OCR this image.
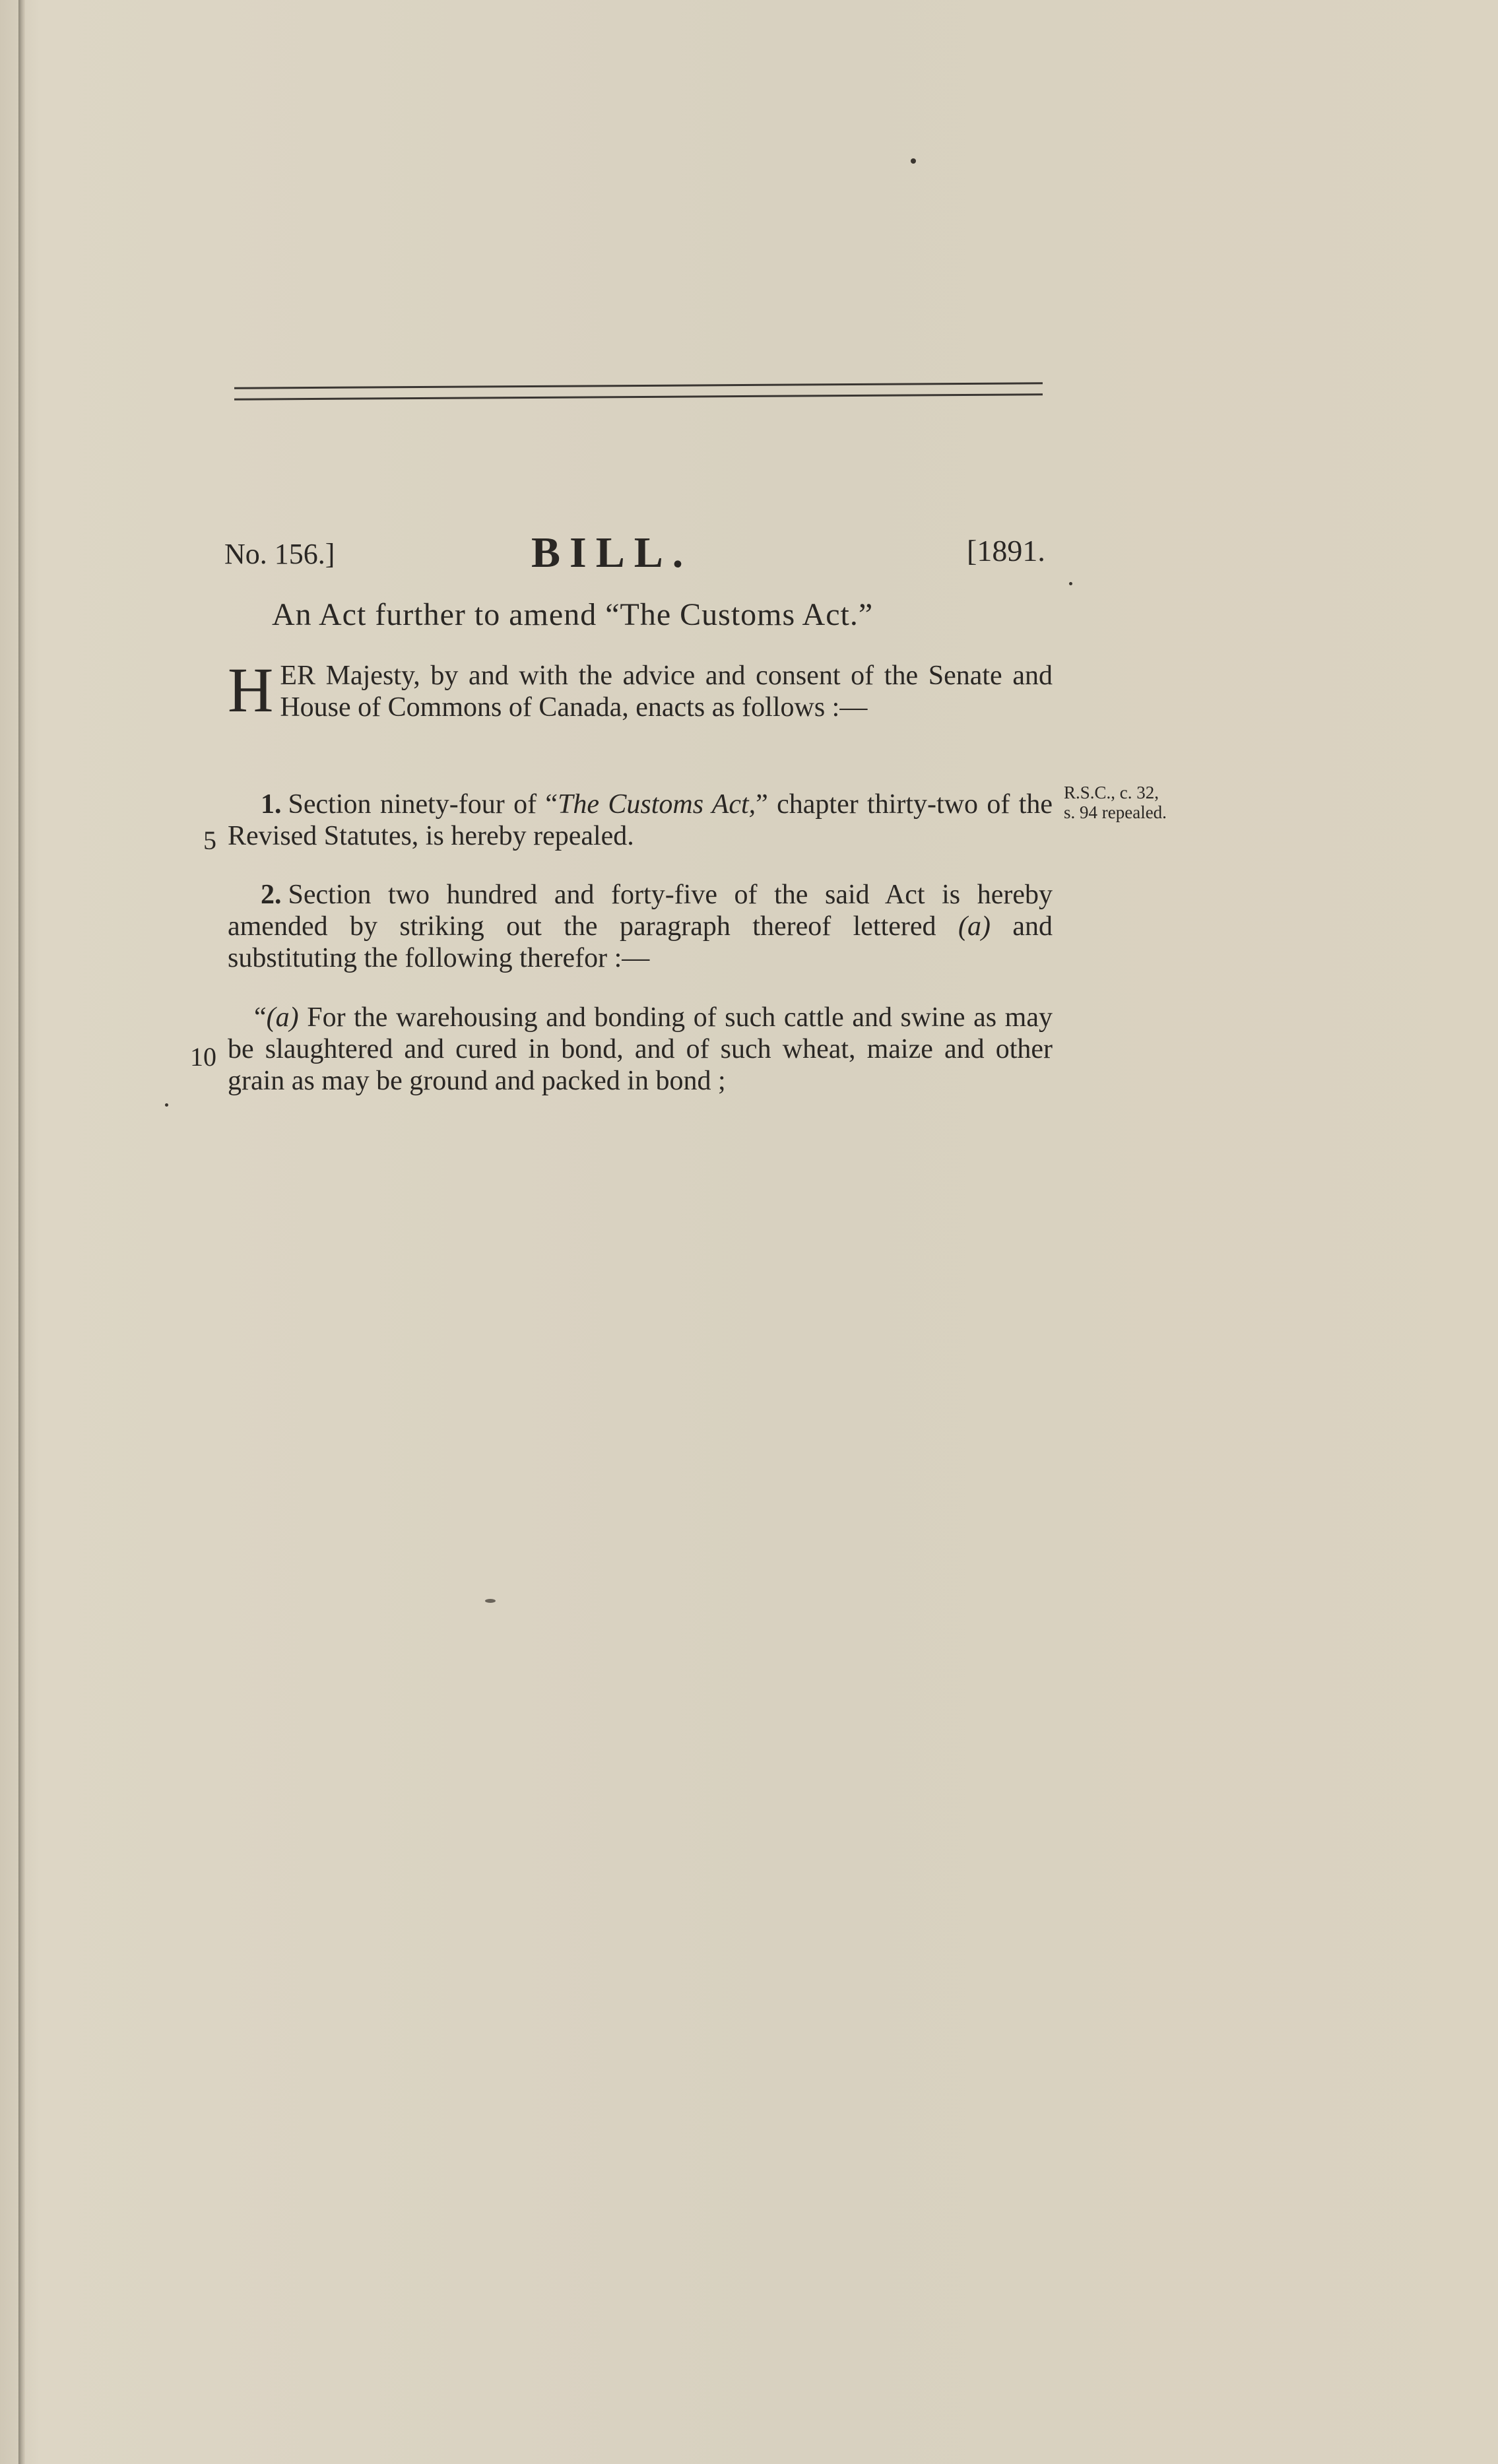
No. 156.]	BILL.	[1891.
An Act further to amend “The Customs Act.”
HER Majesty, by and with the advice and consent of the Senate and House of Commons of Canada, enacts as follows :—
1. Section ninety-four of “The Customs Act,” chapter thirty-two of the Revised Statutes, is hereby repealed.
R.S.C., c. 32,
s. 94 repealed.
2. Section two hundred and forty-five of the said Act is hereby amended by striking out the paragraph thereof lettered (a) and substituting the following therefor :—
“(a) For the warehousing and bonding of such cattle and swine as may be slaughtered and cured in bond, and of such wheat, maize and other grain as may be ground and packed in bond ;
5
10
